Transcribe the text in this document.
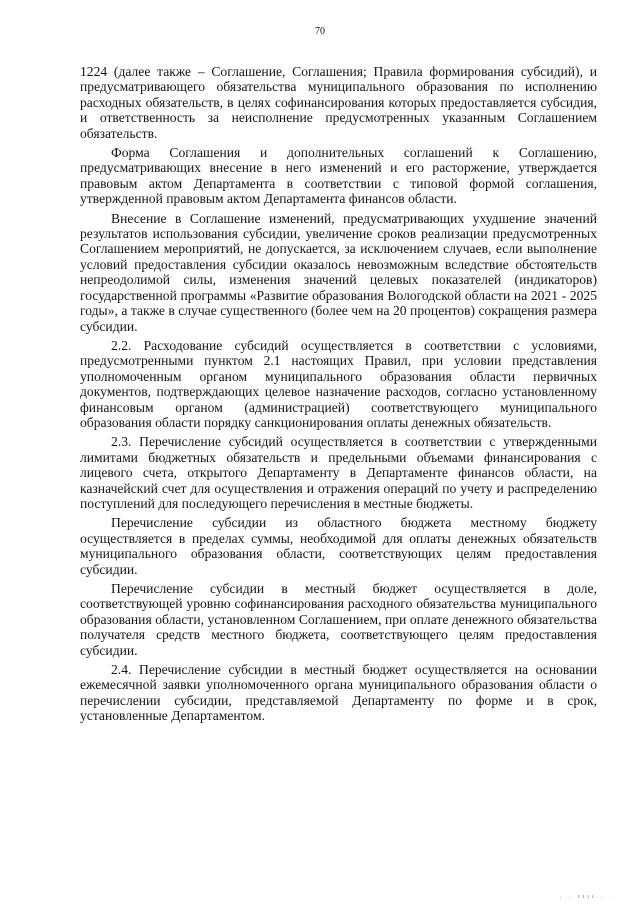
70

1224 (далее также – Соглашение, Соглашения; Правила формирования субсидий), и предусматривающего обязательства муниципального образования по исполнению расходных обязательств, в целях софинансирования которых предоставляется субсидия, и ответственность за неисполнение предусмотренных указанным Соглашением обязательств.

Форма Соглашения и дополнительных соглашений к Соглашению, предусматривающих внесение в него изменений и его расторжение, утверждается правовым актом Департамента в соответствии с типовой формой соглашения, утвержденной правовым актом Департамента финансов области.

Внесение в Соглашение изменений, предусматривающих ухудшение значений результатов использования субсидии, увеличение сроков реализации предусмотренных Соглашением мероприятий, не допускается, за исключением случаев, если выполнение условий предоставления субсидии оказалось невозможным вследствие обстоятельств непреодолимой силы, изменения значений целевых показателей (индикаторов) государственной программы «Развитие образования Вологодской области на 2021 - 2025 годы», а также в случае существенного (более чем на 20 процентов) сокращения размера субсидии.

2.2. Расходование субсидий осуществляется в соответствии с условиями, предусмотренными пунктом 2.1 настоящих Правил, при условии представления уполномоченным органом муниципального образования области первичных документов, подтверждающих целевое назначение расходов, согласно установленному финансовым органом (администрацией) соответствующего муниципального образования области порядку санкционирования оплаты денежных обязательств.

2.3. Перечисление субсидий осуществляется в соответствии с утвержденными лимитами бюджетных обязательств и предельными объемами финансирования с лицевого счета, открытого Департаменту в Департаменте финансов области, на казначейский счет для осуществления и отражения операций по учету и распределению поступлений для последующего перечисления в местные бюджеты.

Перечисление субсидии из областного бюджета местному бюджету осуществляется в пределах суммы, необходимой для оплаты денежных обязательств муниципального образования области, соответствующих целям предоставления субсидии.

Перечисление субсидии в местный бюджет осуществляется в доле, соответствующей уровню софинансирования расходного обязательства муниципального образования области, установленном Соглашением, при оплате денежного обязательства получателя средств местного бюджета, соответствующего целям предоставления субсидии.

2.4. Перечисление субсидии в местный бюджет осуществляется на основании ежемесячной заявки уполномоченного органа муниципального образования области о перечислении субсидии, представляемой Департаменту по форме и в срок, установленные Департаментом.

. . ıııı . .
